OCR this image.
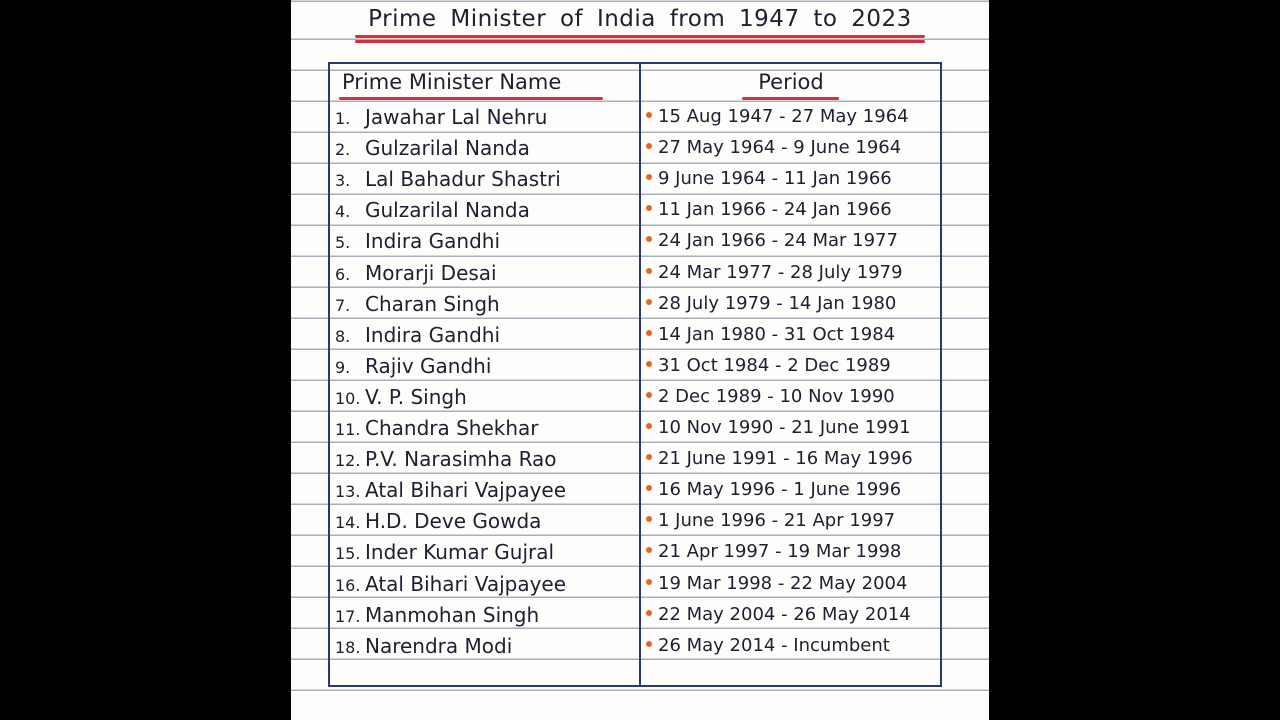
Prime Minister of India from 1947 to 2023
Prime Minister Name	Period
1. Jawahar Lal Nehru	15 Aug 1947 - 27 May 1964
2. Gulzarilal Nanda	27 May 1964 - 9 June 1964
3. Lal Bahadur Shastri	9 June 1964 - 11 Jan 1966
4. Gulzarilal Nanda	11 Jan 1966 - 24 Jan 1966
5. Indira Gandhi	24 Jan 1966 - 24 Mar 1977
6. Morarji Desai	24 Mar 1977 - 28 July 1979
7. Charan Singh	28 July 1979 - 14 Jan 1980
8. Indira Gandhi	14 Jan 1980 - 31 Oct 1984
9. Rajiv Gandhi	31 Oct 1984 - 2 Dec 1989
10. V. P. Singh	2 Dec 1989 - 10 Nov 1990
11. Chandra Shekhar	10 Nov 1990 - 21 June 1991
12. P.V. Narasimha Rao	21 June 1991 - 16 May 1996
13. Atal Bihari Vajpayee	16 May 1996 - 1 June 1996
14. H.D. Deve Gowda	1 June 1996 - 21 Apr 1997
15. Inder Kumar Gujral	21 Apr 1997 - 19 Mar 1998
16. Atal Bihari Vajpayee	19 Mar 1998 - 22 May 2004
17. Manmohan Singh	22 May 2004 - 26 May 2014
18. Narendra Modi	26 May 2014 - Incumbent
